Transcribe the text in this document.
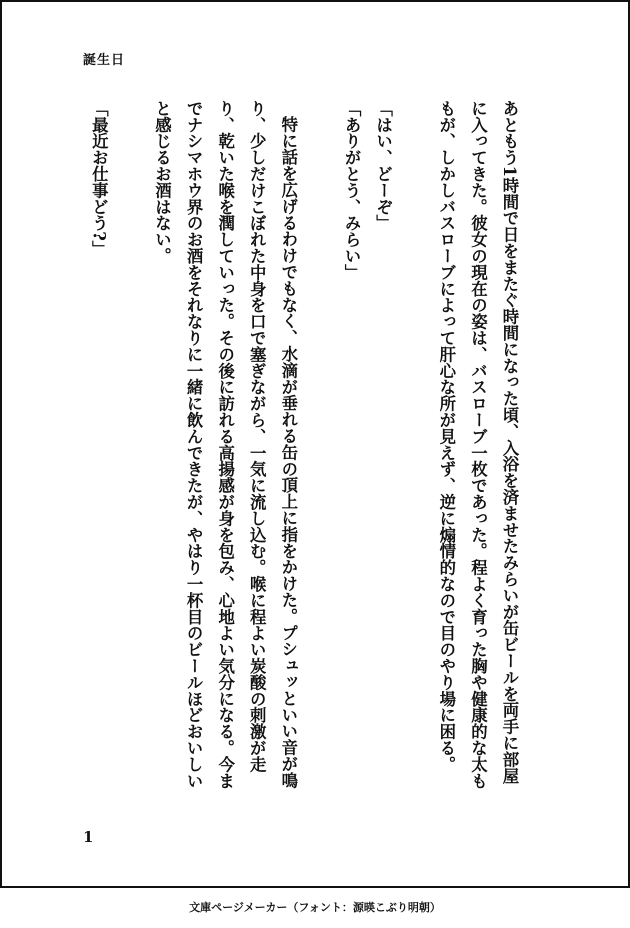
誕生日

あともう1時間で日をまたぐ時間になった頃、入浴を済ませたみらいが缶ビールを両手に部屋に入ってきた。彼女の現在の姿は、バスローブ一枚であった。程よく育った胸や健康的な太ももが、しかしバスローブによって肝心な所が見えず、逆に煽情的なので目のやり場に困る。

「はい、どーぞ」

「ありがとう、みらい」

特に話を広げるわけでもなく、水滴が垂れる缶の頂上に指をかけた。プシュッといい音が鳴り、少しだけこぼれた中身を口で塞ぎながら、一気に流し込む。喉に程よい炭酸の刺激が走り、乾いた喉を潤していった。その後に訪れる高揚感が身を包み、心地よい気分になる。今までナシマホウ界のお酒をそれなりに一緒に飲んできたが、やはり一杯目のビールほどおいしいと感じるお酒はない。

「最近お仕事どう?」

1
文庫ページメーカー（フォント：源暎こぶり明朝）
